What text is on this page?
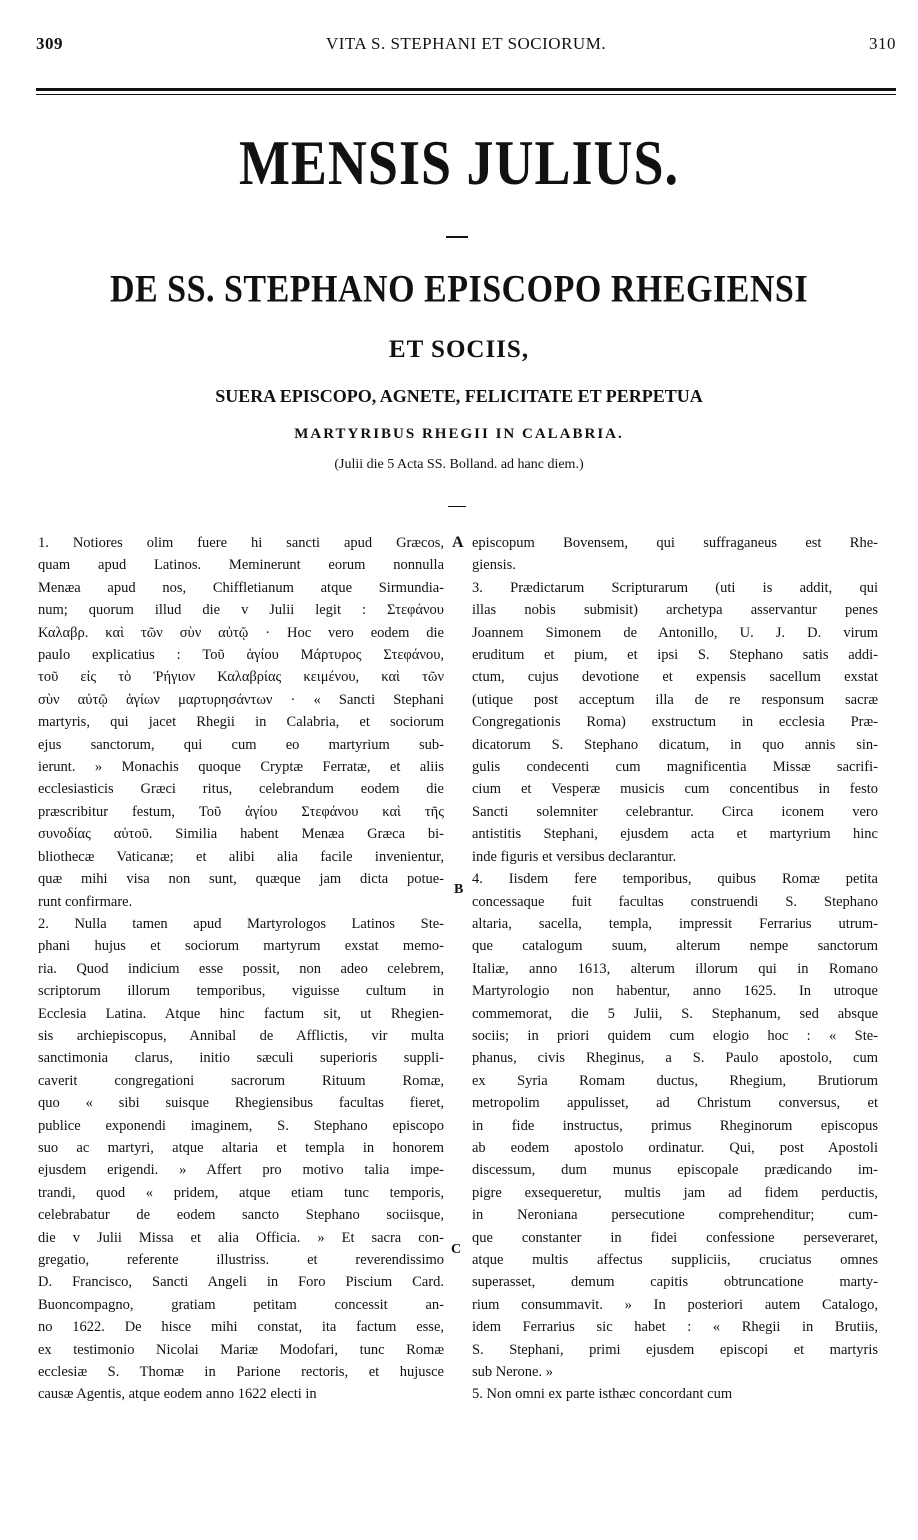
309	VITA S. STEPHANI ET SOCIORUM.	310
MENSIS JULIUS.
DE SS. STEPHANO EPISCOPO RHEGIENSI
ET SOCIIS,
SUERA EPISCOPO, AGNETE, FELICITATE ET PERPETUA
MARTYRIBUS RHEGII IN CALABRIA.
(Julii die 5 Acta SS. Bolland. ad hanc diem.)
1. Notiores olim fuere hi sancti apud Græcos,
quam apud Latinos. Meminerunt eorum nonnulla
Menæa apud nos, Chiffletianum atque Sirmundia-
num; quorum illud die v Julii legit : Στεφάνου
Καλαβρ. καὶ τῶν σὺν αὐτῷ · Hoc vero eodem die
paulo explicatius : Τοῦ ἁγίου Μάρτυρος Στεφάνου,
τοῦ εἰς τὸ Ῥήγιον Καλαβρίας κειμένου, καὶ τῶν
σὺν αὐτῷ ἁγίων μαρτυρησάντων · « Sancti Stephani
martyris, qui jacet Rhegii in Calabria, et sociorum
ejus sanctorum, qui cum eo martyrium sub-
ierunt. » Monachis quoque Cryptæ Ferratæ, et aliis
ecclesiasticis Græci ritus, celebrandum eodem die
præscribitur festum, Τοῦ ἁγίου Στεφάνου καὶ τῆς
συνοδίας αὐτοῦ. Similia habent Menæa Græca bi-
bliothecæ Vaticanæ; et alibi alia facile invenientur,
quæ mihi visa non sunt, quæque jam dicta potue-
runt confirmare.
2. Nulla tamen apud Martyrologos Latinos Ste-
phani hujus et sociorum martyrum exstat memo-
ria. Quod indicium esse possit, non adeo celebrem,
scriptorum illorum temporibus, viguisse cultum in
Ecclesia Latina. Atque hinc factum sit, ut Rhegien-
sis archiepiscopus, Annibal de Afflictis, vir multa
sanctimonia clarus, initio sæculi superioris suppli-
caverit congregationi sacrorum Rituum Romæ,
quo « sibi suisque Rhegiensibus facultas fieret,
publice exponendi imaginem, S. Stephano episcopo
suo ac martyri, atque altaria et templa in honorem
ejusdem erigendi. » Affert pro motivo talia impe-
trandi, quod « pridem, atque etiam tunc temporis,
celebrabatur de eodem sancto Stephano sociisque,
die v Julii Missa et alia Officia. » Et sacra con-
gregatio, referente illustriss. et reverendissimo
D. Francisco, Sancti Angeli in Foro Piscium Card.
Buoncompagno, gratiam petitam concessit an-
no 1622. De hisce mihi constat, ita factum esse,
ex testimonio Nicolai Mariæ Modofari, tunc Romæ
ecclesiæ S. Thomæ in Parione rectoris, et hujusce
causæ Agentis, atque eodem anno 1622 electi in
episcopum Bovensem, qui suffraganeus est Rhe-
giensis.
3. Prædictarum Scripturarum (uti is addit, qui
illas nobis submisit) archetypa asservantur penes
Joannem Simonem de Antonillo, U. J. D. virum
eruditum et pium, et ipsi S. Stephano satis addi-
ctum, cujus devotione et expensis sacellum exstat
(utique post acceptum illa de re responsum sacræ
Congregationis Roma) exstructum in ecclesia Præ-
dicatorum S. Stephano dicatum, in quo annis sin-
gulis condecenti cum magnificentia Missæ sacrifi-
cium et Vesperæ musicis cum concentibus in festo
Sancti solemniter celebrantur. Circa iconem vero
antistitis Stephani, ejusdem acta et martyrium hinc
inde figuris et versibus declarantur.
4. Iisdem fere temporibus, quibus Romæ petita
concessaque fuit facultas construendi S. Stephano
altaria, sacella, templa, impressit Ferrarius utrum-
que catalogum suum, alterum nempe sanctorum
Italiæ, anno 1613, alterum illorum qui in Romano
Martyrologio non habentur, anno 1625. In utroque
commemorat, die 5 Julii, S. Stephanum, sed absque
sociis; in priori quidem cum elogio hoc : « Ste-
phanus, civis Rheginus, a S. Paulo apostolo, cum
ex Syria Romam ductus, Rhegium, Brutiorum
metropolim appulisset, ad Christum conversus, et
in fide instructus, primus Rheginorum episcopus
ab eodem apostolo ordinatur. Qui, post Apostoli
discessum, dum munus episcopale prædicando im-
pigre exsequeretur, multis jam ad fidem perductis,
in Neroniana persecutione comprehenditur; cum-
que constanter in fidei confessione perseveraret,
atque multis affectus suppliciis, cruciatus omnes
superasset, demum capitis obtruncatione marty-
rium consummavit. » In posteriori autem Catalogo,
idem Ferrarius sic habet : « Rhegii in Brutiis,
S. Stephani, primi ejusdem episcopi et martyris
sub Nerone. »
5. Non omni ex parte isthæc concordant cum
A
B
C
